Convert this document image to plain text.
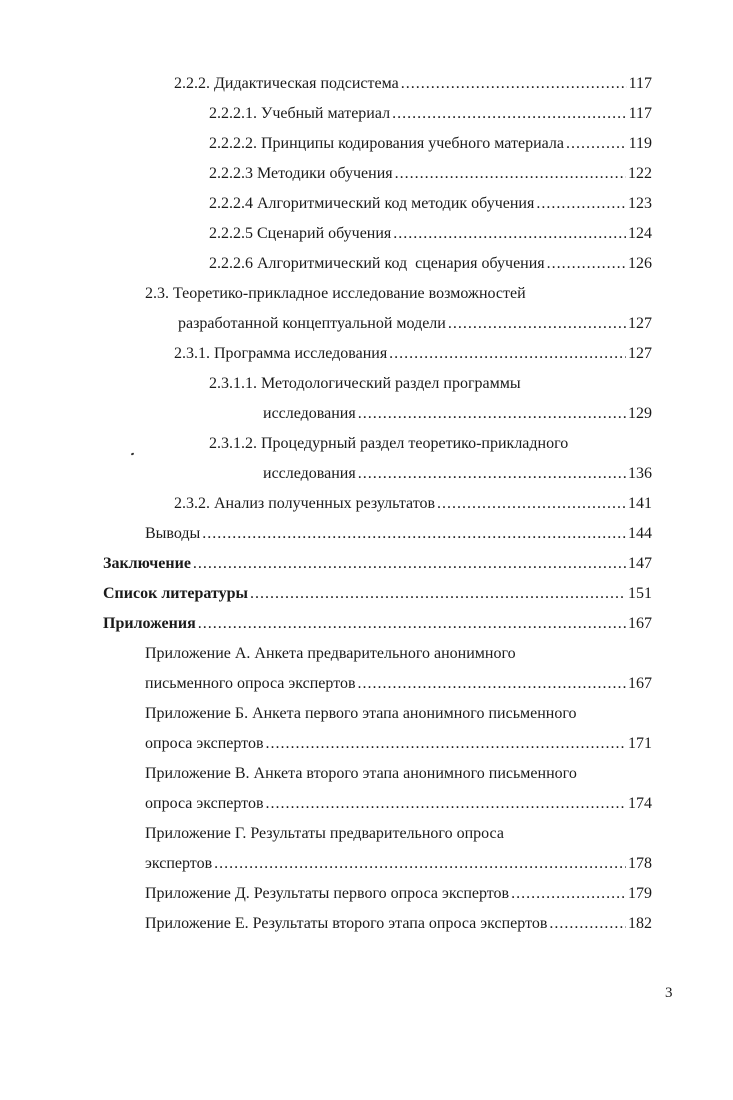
2.2.2. Дидактическая подсистема .....	117
2.2.2.1. Учебный материал .....	117
2.2.2.2. Принципы кодирования учебного материала .....	119
2.2.2.3 Методики обучения .....	122
2.2.2.4 Алгоритмический код методик обучения .....	123
2.2.2.5 Сценарий обучения .....	124
2.2.2.6 Алгоритмический код  сценария обучения .....	126
2.3. Теоретико-прикладное исследование возможностей
разработанной концептуальной модели .....	127
2.3.1. Программа исследования .....	127
2.3.1.1. Методологический раздел программы
исследования .....	129
2.3.1.2. Процедурный раздел теоретико-прикладного
исследования .....	136
2.3.2. Анализ полученных результатов .....	141
Выводы .....	144
Заключение .....	147
Список литературы .....	151
Приложения .....	167
Приложение А. Анкета предварительного анонимного
письменного опроса экспертов .....	167
Приложение Б. Анкета первого этапа анонимного письменного
опроса экспертов .....	171
Приложение В. Анкета второго этапа анонимного письменного
опроса экспертов .....	174
Приложение Г. Результаты предварительного опроса
экспертов .....	178
Приложение Д. Результаты первого опроса экспертов .....	179
Приложение Е. Результаты второго этапа опроса экспертов .....	182
3
